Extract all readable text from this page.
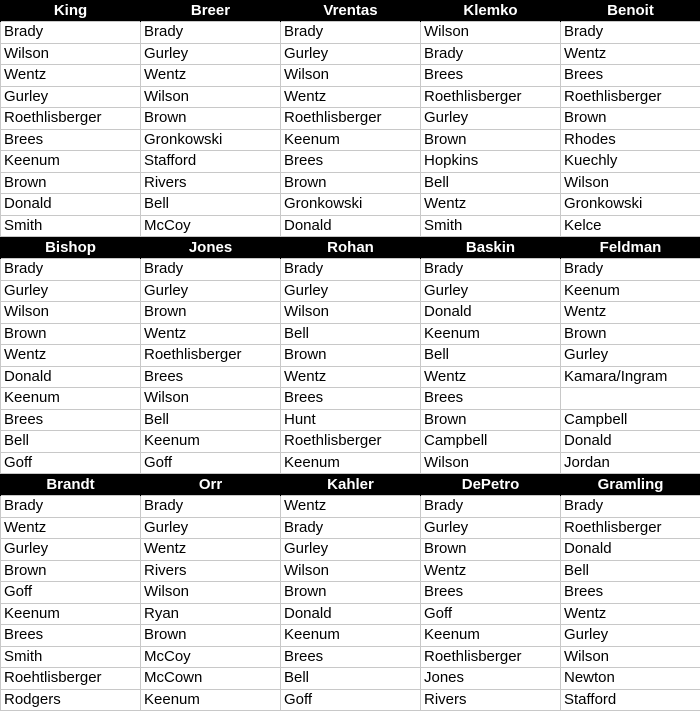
King	Breer	Vrentas	Klemko	Benoit
Brady	Brady	Brady	Wilson	Brady
Wilson	Gurley	Gurley	Brady	Wentz
Wentz	Wentz	Wilson	Brees	Brees
Gurley	Wilson	Wentz	Roethlisberger	Roethlisberger
Roethlisberger	Brown	Roethlisberger	Gurley	Brown
Brees	Gronkowski	Keenum	Brown	Rhodes
Keenum	Stafford	Brees	Hopkins	Kuechly
Brown	Rivers	Brown	Bell	Wilson
Donald	Bell	Gronkowski	Wentz	Gronkowski
Smith	McCoy	Donald	Smith	Kelce
Bishop	Jones	Rohan	Baskin	Feldman
Brady	Brady	Brady	Brady	Brady
Gurley	Gurley	Gurley	Gurley	Keenum
Wilson	Brown	Wilson	Donald	Wentz
Brown	Wentz	Bell	Keenum	Brown
Wentz	Roethlisberger	Brown	Bell	Gurley
Donald	Brees	Wentz	Wentz	Kamara/Ingram
Keenum	Wilson	Brees	Brees	
Brees	Bell	Hunt	Brown	Campbell
Bell	Keenum	Roethlisberger	Campbell	Donald
Goff	Goff	Keenum	Wilson	Jordan
Brandt	Orr	Kahler	DePetro	Gramling
Brady	Brady	Wentz	Brady	Brady
Wentz	Gurley	Brady	Gurley	Roethlisberger
Gurley	Wentz	Gurley	Brown	Donald
Brown	Rivers	Wilson	Wentz	Bell
Goff	Wilson	Brown	Brees	Brees
Keenum	Ryan	Donald	Goff	Wentz
Brees	Brown	Keenum	Keenum	Gurley
Smith	McCoy	Brees	Roethlisberger	Wilson
Roehtlisberger	McCown	Bell	Jones	Newton
Rodgers	Keenum	Goff	Rivers	Stafford
